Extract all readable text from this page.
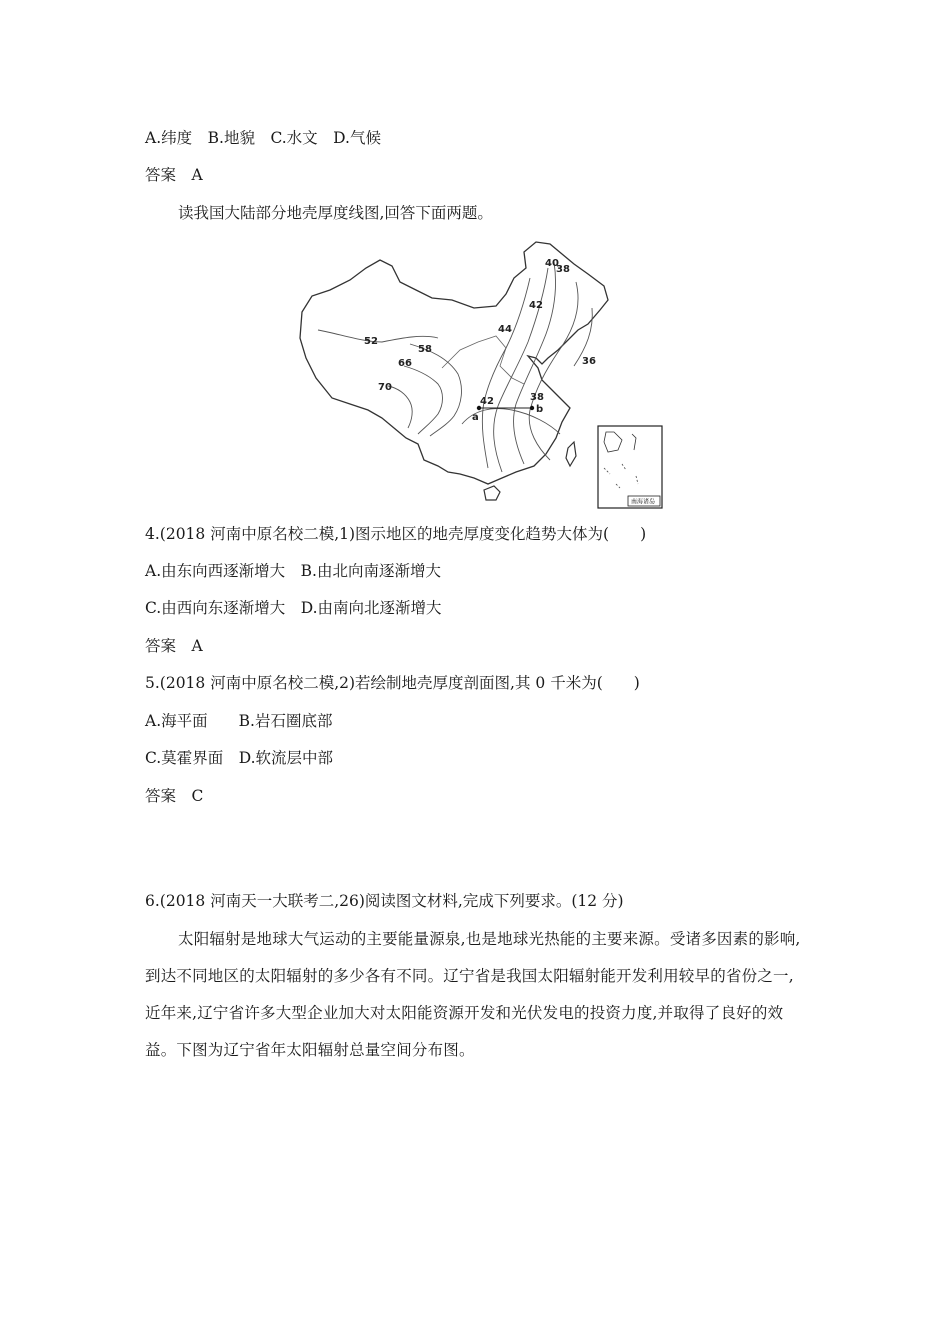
A.纬度　B.地貌　C.水文　D.气候
答案　A
读我国大陆部分地壳厚度线图,回答下面两题。
a
b
40
38
42
44
36
52
58
66
70
42	38
南海诸岛
4.(2018 河南中原名校二模,1)图示地区的地壳厚度变化趋势大体为(　　)
A.由东向西逐渐增大　B.由北向南逐渐增大
C.由西向东逐渐增大　D.由南向北逐渐增大
答案　A
5.(2018 河南中原名校二模,2)若绘制地壳厚度剖面图,其 0 千米为(　　)
A.海平面　　B.岩石圈底部
C.莫霍界面　D.软流层中部
答案　C
6.(2018 河南天一大联考二,26)阅读图文材料,完成下列要求。(12 分)
太阳辐射是地球大气运动的主要能量源泉,也是地球光热能的主要来源。受诸多因素的影响,到达不同地区的太阳辐射的多少各有不同。辽宁省是我国太阳辐射能开发利用较早的省份之一,近年来,辽宁省许多大型企业加大对太阳能资源开发和光伏发电的投资力度,并取得了良好的效益。下图为辽宁省年太阳辐射总量空间分布图。
